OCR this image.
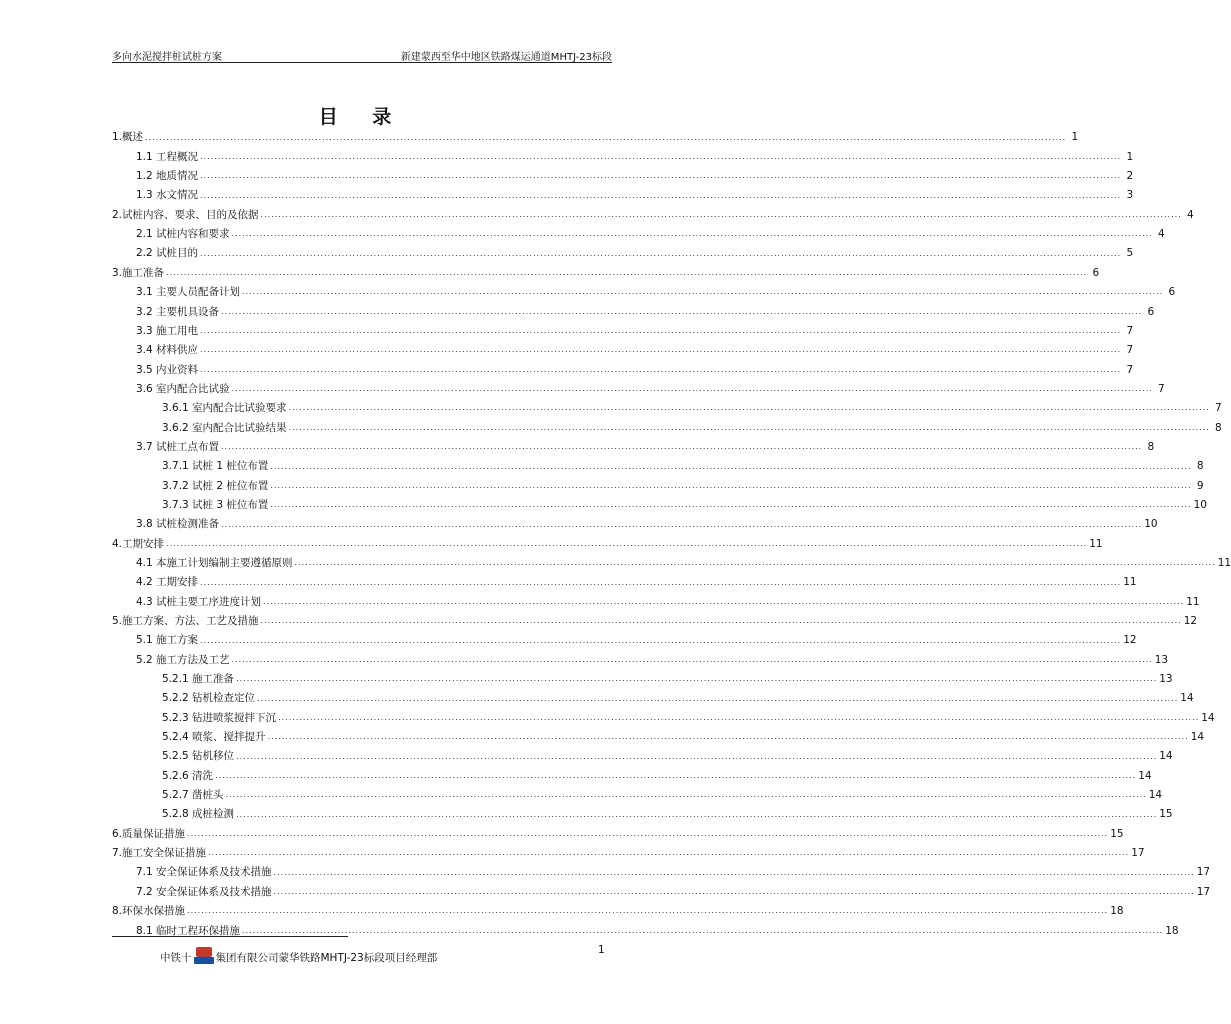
多向水泥搅拌桩试桩方案	新建蒙西至华中地区铁路煤运通道MHTJ-23标段
目 录
1.概述 .................................................................................................................................................................................................................................................................... 1
1.1 工程概况 .................................................................................................................................................................................................................................................................... 1
1.2 地质情况 .................................................................................................................................................................................................................................................................... 2
1.3 水文情况 .................................................................................................................................................................................................................................................................... 3
2.试桩内容、要求、目的及依据 .................................................................................................................................................................................................................................................................... 4
2.1 试桩内容和要求 .................................................................................................................................................................................................................................................................... 4
2.2 试桩目的 .................................................................................................................................................................................................................................................................... 5
3.施工准备 .................................................................................................................................................................................................................................................................... 6
3.1 主要人员配备计划 .................................................................................................................................................................................................................................................................... 6
3.2 主要机具设备 .................................................................................................................................................................................................................................................................... 6
3.3 施工用电 .................................................................................................................................................................................................................................................................... 7
3.4 材料供应 .................................................................................................................................................................................................................................................................... 7
3.5 内业资料 .................................................................................................................................................................................................................................................................... 7
3.6 室内配合比试验 .................................................................................................................................................................................................................................................................... 7
3.6.1 室内配合比试验要求 .................................................................................................................................................................................................................................................................... 7
3.6.2 室内配合比试验结果 .................................................................................................................................................................................................................................................................... 8
3.7 试桩工点布置 .................................................................................................................................................................................................................................................................... 8
3.7.1 试桩 1 桩位布置 .................................................................................................................................................................................................................................................................... 8
3.7.2 试桩 2 桩位布置 .................................................................................................................................................................................................................................................................... 9
3.7.3 试桩 3 桩位布置 .................................................................................................................................................................................................................................................................... 10
3.8 试桩检测准备 .................................................................................................................................................................................................................................................................... 10
4.工期安排 .................................................................................................................................................................................................................................................................... 11
4.1 本施工计划编制主要遵循原则 .................................................................................................................................................................................................................................................................... 11
4.2 工期安排 .................................................................................................................................................................................................................................................................... 11
4.3 试桩主要工序进度计划 .................................................................................................................................................................................................................................................................... 11
5.施工方案、方法、工艺及措施 .................................................................................................................................................................................................................................................................... 12
5.1 施工方案 .................................................................................................................................................................................................................................................................... 12
5.2 施工方法及工艺 .................................................................................................................................................................................................................................................................... 13
5.2.1 施工准备 .................................................................................................................................................................................................................................................................... 13
5.2.2 钻机检查定位 .................................................................................................................................................................................................................................................................... 14
5.2.3 钻进喷浆搅拌下沉 .................................................................................................................................................................................................................................................................... 14
5.2.4 喷浆、搅拌提升 .................................................................................................................................................................................................................................................................... 14
5.2.5 钻机移位 .................................................................................................................................................................................................................................................................... 14
5.2.6 清洗 .................................................................................................................................................................................................................................................................... 14
5.2.7 凿桩头 .................................................................................................................................................................................................................................................................... 14
5.2.8 成桩检测 .................................................................................................................................................................................................................................................................... 15
6.质量保证措施 .................................................................................................................................................................................................................................................................... 15
7.施工安全保证措施 .................................................................................................................................................................................................................................................................... 17
7.1 安全保证体系及技术措施 .................................................................................................................................................................................................................................................................... 17
7.2 安全保证体系及技术措施 .................................................................................................................................................................................................................................................................... 17
8.环保水保措施 .................................................................................................................................................................................................................................................................... 18
8.1 临时工程环保措施 .................................................................................................................................................................................................................................................................... 18
中铁十 集团有限公司蒙华铁路MHTJ-23标段项目经理部
1
